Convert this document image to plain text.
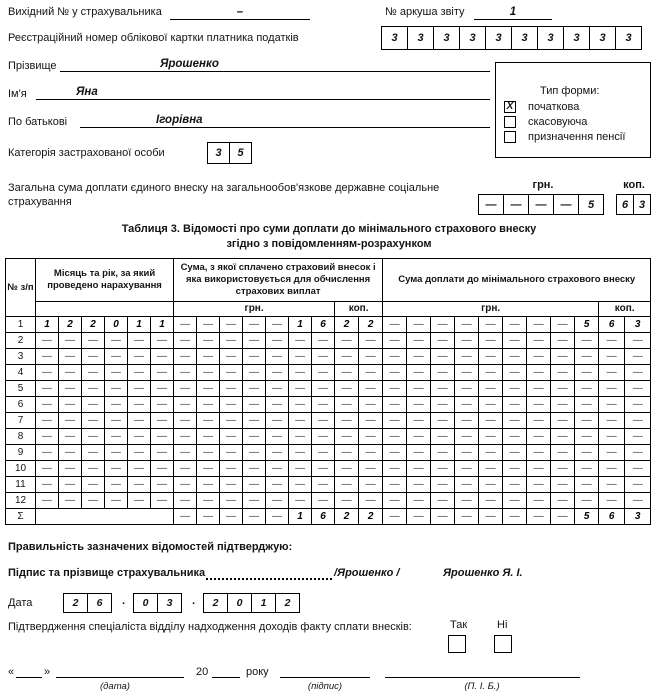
Вихідний № у страхувальника	–	№ аркуша звіту	1
Реєстраційний номер облікової картки платника податків	3	3	3	3	3	3	3	3	3	3
Прізвище	Ярошенко
Ім'я	Яна
По батькові	Ігорівна
Тип форми:
X початкова
скасовуюча
призначення пенсії
Категорія застрахованої особи	3	5
Загальна сума доплати єдиного внеску на загальнообов'язкове державне соціальне страхування
грн.
—	—	—	—	5
коп.
6 3
Таблиця 3. Відомості про суми доплати до мінімального страхового внеску
згідно з повідомленням-розрахунком
№ з/п	Місяць та рік, за який проведено нарахування						Сума, з якої сплачено страховий внесок і яка використовується для обчислення страхових виплат									Сума доплати до мінімального страхового внеску										
							грн.							коп.		грн.									коп.	
1	1	2	2	0	1	1	—	—	—	—	—	1	6	2	2	—	—	—	—	—	—	—	—	5	6	3
2	—	—	—	—	—	—	—	—	—	—	—	—	—	—	—	—	—	—	—	—	—	—	—	—	—	—
3	—	—	—	—	—	—	—	—	—	—	—	—	—	—	—	—	—	—	—	—	—	—	—	—	—	—
4	—	—	—	—	—	—	—	—	—	—	—	—	—	—	—	—	—	—	—	—	—	—	—	—	—	—
5	—	—	—	—	—	—	—	—	—	—	—	—	—	—	—	—	—	—	—	—	—	—	—	—	—	—
6	—	—	—	—	—	—	—	—	—	—	—	—	—	—	—	—	—	—	—	—	—	—	—	—	—	—
7	—	—	—	—	—	—	—	—	—	—	—	—	—	—	—	—	—	—	—	—	—	—	—	—	—	—
8	—	—	—	—	—	—	—	—	—	—	—	—	—	—	—	—	—	—	—	—	—	—	—	—	—	—
9	—	—	—	—	—	—	—	—	—	—	—	—	—	—	—	—	—	—	—	—	—	—	—	—	—	—
10	—	—	—	—	—	—	—	—	—	—	—	—	—	—	—	—	—	—	—	—	—	—	—	—	—	—
11	—	—	—	—	—	—	—	—	—	—	—	—	—	—	—	—	—	—	—	—	—	—	—	—	—	—
12	—	—	—	—	—	—	—	—	—	—	—	—	—	—	—	—	—	—	—	—	—	—	—	—	—	—
Σ							—	—	—	—	—	1	6	2	2	—	—	—	—	—	—	—	—	5	6	3
Правильність зазначених відомостей підтверджую:
Підпис та прізвище страхувальника	/Ярошенко /	Ярошенко Я. І.
Дата	2	6	.	0	3	.	2	0	1	2
Підтвердження спеціаліста відділу надходження доходів факту сплати внесків:	Так	Ні
«	»	20	року
(дата)	(підпис)	(П. І. Б.)
